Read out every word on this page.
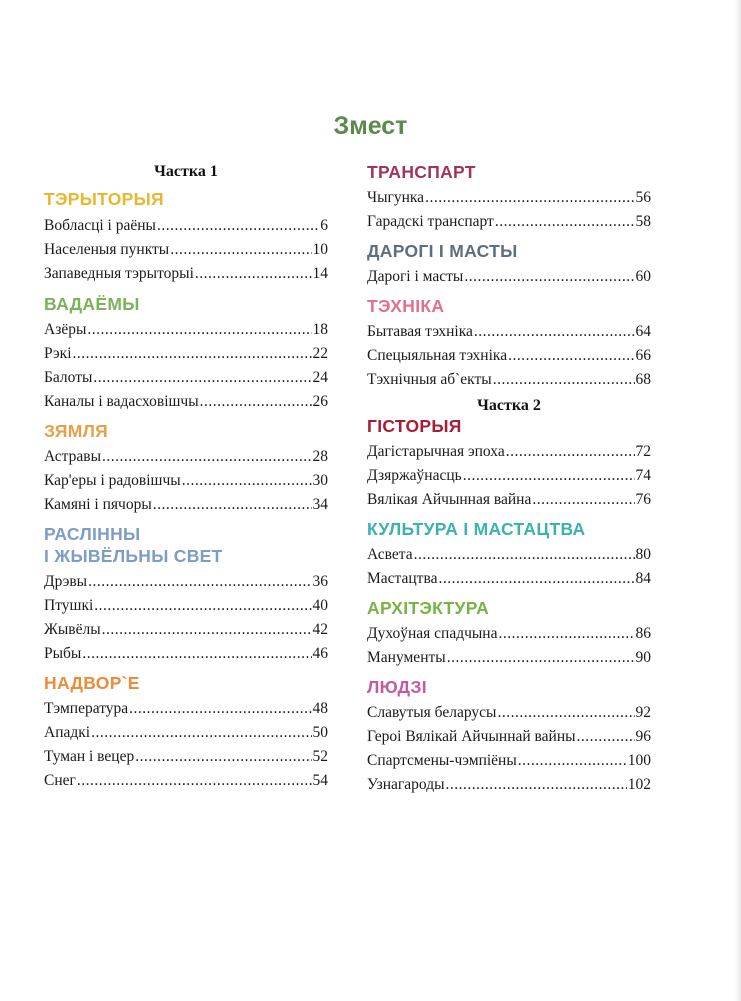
Змест
Частка 1
ТЭРЫТОРЫЯ
Вобласці і раёны .....	6
Населеныя пункты .....	10
Запаведныя тэрыторыі .....	14
ВАДАЁМЫ
Азёры .....	18
Рэкі .....	22
Балоты .....	24
Каналы і вадасховішчы .....	26
ЗЯМЛЯ
Астравы .....	28
Кар'еры і радовішчы .....	30
Камяні і пячоры .....	34
РАСЛІННЫ
І ЖЫВЁЛЬНЫ СВЕТ
Дрэвы .....	36
Птушкі .....	40
Жывёлы .....	42
Рыбы .....	46
НАДВОР`Е
Тэмпература .....	48
Ападкі .....	50
Туман і вецер .....	52
Снег .....	54
ТРАНСПАРТ
Чыгунка .....	56
Гарадскі транспарт .....	58
ДАРОГІ І МАСТЫ
Дарогі і масты .....	60
ТЭХНІКА
Бытавая тэхніка .....	64
Спецыяльная тэхніка .....	66
Тэхнічныя аб`екты .....	68
Частка 2
ГІСТОРЫЯ
Дагістарычная эпоха .....	72
Дзяржаўнасць .....	74
Вялікая Айчынная вайна .....	76
КУЛЬТУРА І МАСТАЦТВА
Асвета .....	80
Мастацтва .....	84
АРХІТЭКТУРА
Духоўная спадчына .....	86
Манументы .....	90
ЛЮДЗІ
Славутыя беларусы .....	92
Героі Вялікай Айчыннай вайны .....	96
Спартсмены-чэмпіёны .....	100
Узнагароды .....	102
